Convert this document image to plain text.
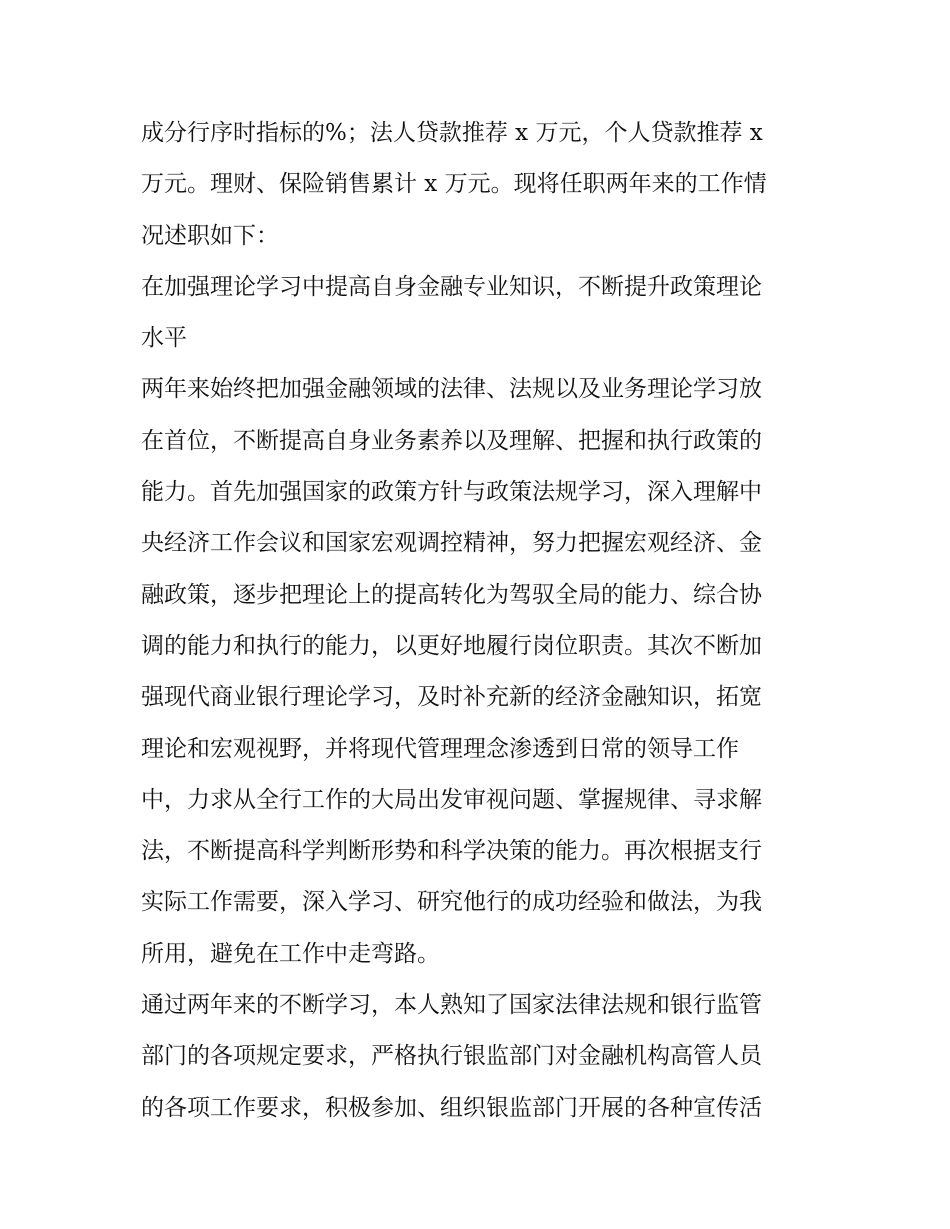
成分行序时指标的%；法人贷款推荐 x 万元，个人贷款推荐 x
万元。理财、保险销售累计 x 万元。现将任职两年来的工作情
况述职如下：
在加强理论学习中提高自身金融专业知识，不断提升政策理论
水平
两年来始终把加强金融领域的法律、法规以及业务理论学习放
在首位，不断提高自身业务素养以及理解、把握和执行政策的
能力。首先加强国家的政策方针与政策法规学习，深入理解中
央经济工作会议和国家宏观调控精神，努力把握宏观经济、金
融政策，逐步把理论上的提高转化为驾驭全局的能力、综合协
调的能力和执行的能力，以更好地履行岗位职责。其次不断加
强现代商业银行理论学习，及时补充新的经济金融知识，拓宽
理论和宏观视野，并将现代管理理念渗透到日常的领导工作
中，力求从全行工作的大局出发审视问题、掌握规律、寻求解
法，不断提高科学判断形势和科学决策的能力。再次根据支行
实际工作需要，深入学习、研究他行的成功经验和做法，为我
所用，避免在工作中走弯路。
通过两年来的不断学习，本人熟知了国家法律法规和银行监管
部门的各项规定要求，严格执行银监部门对金融机构高管人员
的各项工作要求，积极参加、组织银监部门开展的各种宣传活
